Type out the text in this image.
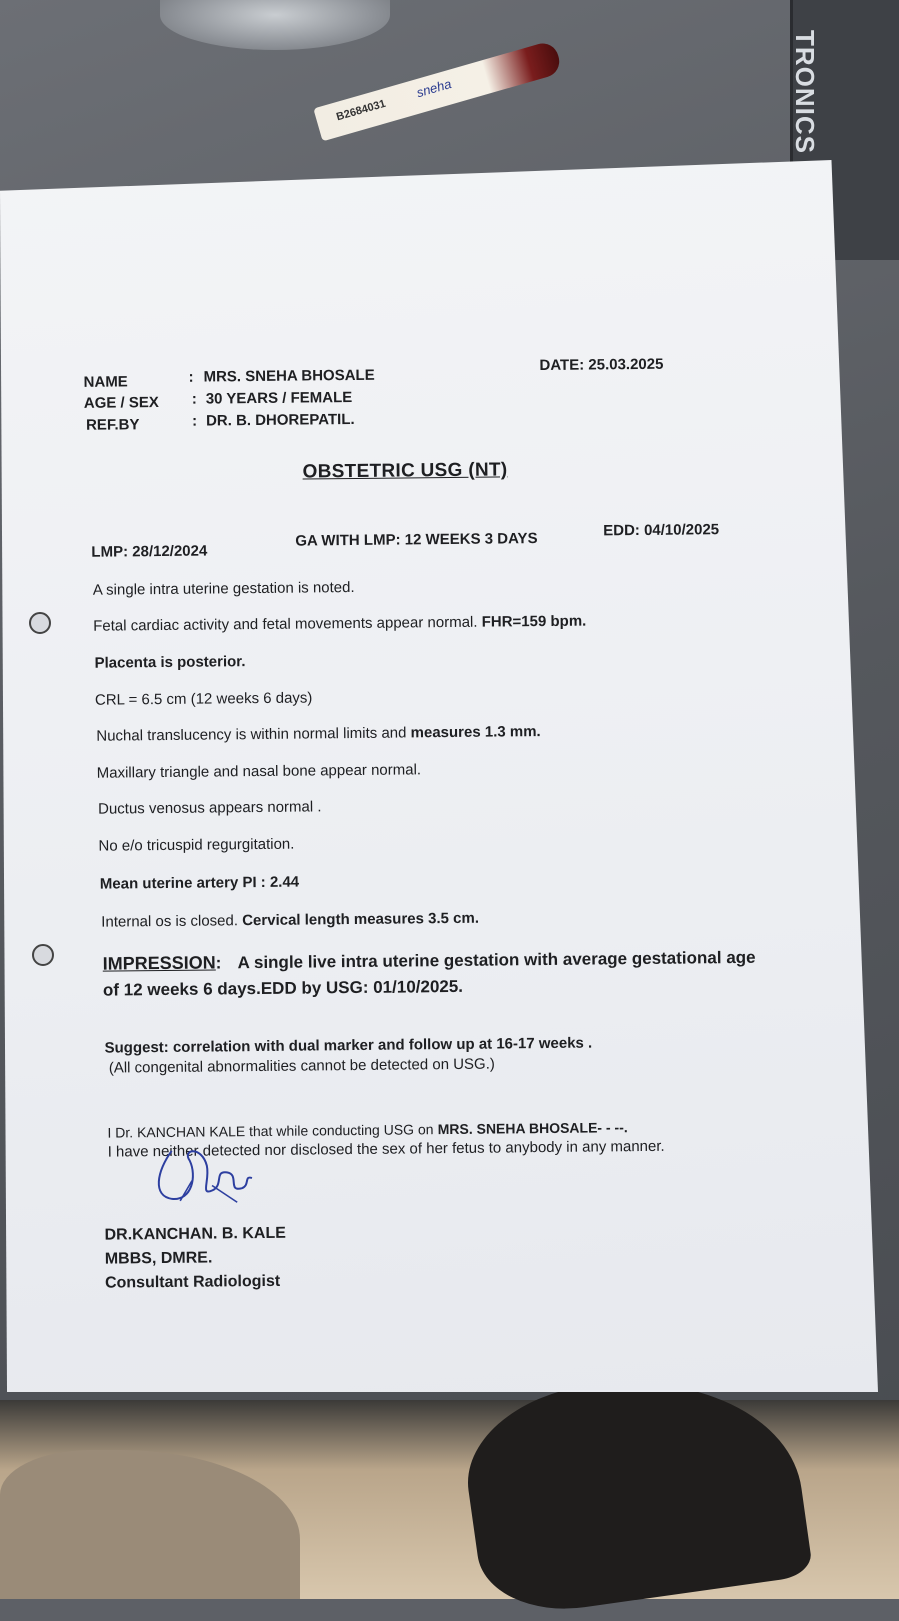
TRONICS
B2684031 sneha
NAME	: MRS. SNEHA BHOSALE
AGE / SEX : 30 YEARS / FEMALE
REF.BY	: DR. B. DHOREPATIL.
DATE: 25.03.2025
OBSTETRIC USG (NT)
LMP: 28/12/2024
GA WITH LMP: 12 WEEKS 3 DAYS	EDD: 04/10/2025
A single intra uterine gestation is noted.
Fetal cardiac activity and fetal movements appear normal. FHR=159 bpm.
Placenta is posterior.
CRL = 6.5 cm (12 weeks 6 days)
Nuchal translucency is within normal limits and measures 1.3 mm.
Maxillary triangle and nasal bone appear normal.
Ductus venosus appears normal .
No e/o tricuspid regurgitation.
Mean uterine artery PI : 2.44
Internal os is closed. Cervical length measures 3.5 cm.
IMPRESSION: A single live intra uterine gestation with average gestational age
of 12 weeks 6 days.EDD by USG: 01/10/2025.
Suggest: correlation with dual marker and follow up at 16-17 weeks .
(All congenital abnormalities cannot be detected on USG.)
I Dr. KANCHAN KALE that while conducting USG on MRS. SNEHA BHOSALE- - --.
I have neither detected nor disclosed the sex of her fetus to anybody in any manner.
DR.KANCHAN. B. KALE
MBBS, DMRE.
Consultant Radiologist
